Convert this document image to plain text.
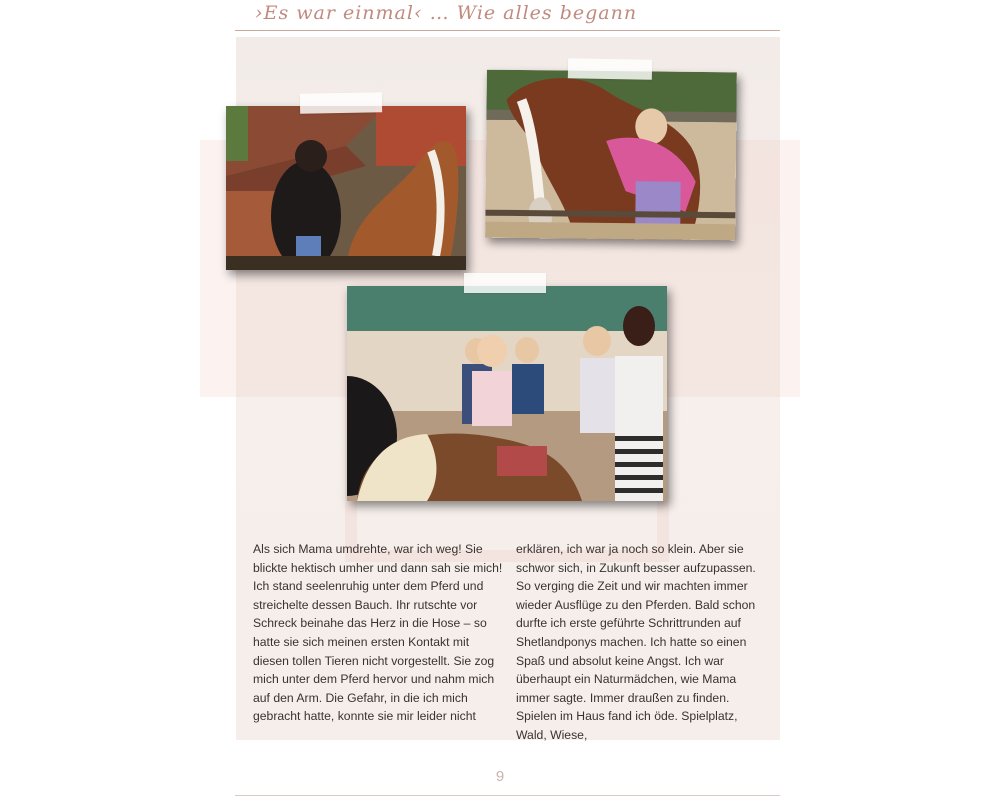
›Es war einmal‹ … Wie alles begann

Als sich Mama umdrehte, war ich weg! Sie blickte hektisch umher und dann sah sie mich! Ich stand seelenruhig unter dem Pferd und streichelte dessen Bauch. Ihr rutschte vor Schreck beinahe das Herz in die Hose – so hatte sie sich meinen ersten Kontakt mit diesen tollen Tieren nicht vorgestellt. Sie zog mich unter dem Pferd hervor und nahm mich auf den Arm. Die Gefahr, in die ich mich gebracht hatte, konnte sie mir leider nicht

erklären, ich war ja noch so klein. Aber sie schwor sich, in Zukunft besser aufzupassen. So verging die Zeit und wir machten immer wieder Ausflüge zu den Pferden. Bald schon durfte ich erste geführte Schrittrunden auf Shetlandponys machen. Ich hatte so einen Spaß und absolut keine Angst. Ich war überhaupt ein Naturmädchen, wie Mama immer sagte. Immer draußen zu finden. Spielen im Haus fand ich öde. Spielplatz, Wald, Wiese,

9
